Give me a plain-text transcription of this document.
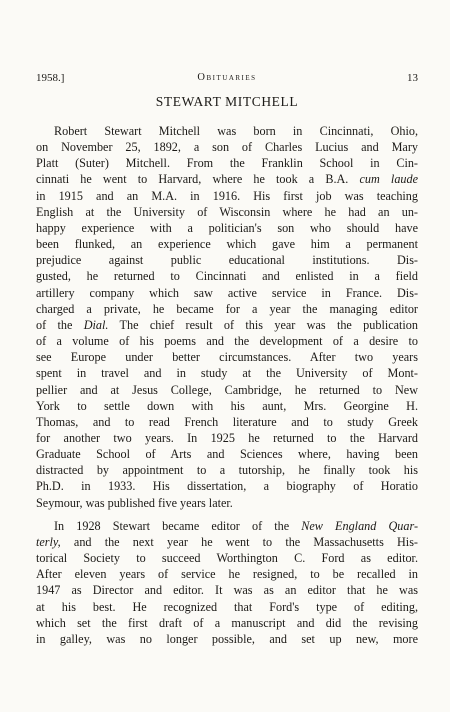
1958.]	Obituaries	13
STEWART MITCHELL

Robert Stewart Mitchell was born in Cincinnati, Ohio,
on November 25, 1892, a son of Charles Lucius and Mary
Platt (Suter) Mitchell. From the Franklin School in Cin-
cinnati he went to Harvard, where he took a B.A. cum laude
in 1915 and an M.A. in 1916. His first job was teaching
English at the University of Wisconsin where he had an un-
happy experience with a politician's son who should have
been flunked, an experience which gave him a permanent
prejudice against public educational institutions. Dis-
gusted, he returned to Cincinnati and enlisted in a field
artillery company which saw active service in France. Dis-
charged a private, he became for a year the managing editor
of the Dial. The chief result of this year was the publication
of a volume of his poems and the development of a desire to
see Europe under better circumstances. After two years
spent in travel and in study at the University of Mont-
pellier and at Jesus College, Cambridge, he returned to New
York to settle down with his aunt, Mrs. Georgine H.
Thomas, and to read French literature and to study Greek
for another two years. In 1925 he returned to the Harvard
Graduate School of Arts and Sciences where, having been
distracted by appointment to a tutorship, he finally took his
Ph.D. in 1933. His dissertation, a biography of Horatio
Seymour, was published five years later.

In 1928 Stewart became editor of the New England Quar-
terly, and the next year he went to the Massachusetts His-
torical Society to succeed Worthington C. Ford as editor.
After eleven years of service he resigned, to be recalled in
1947 as Director and editor. It was as an editor that he was
at his best. He recognized that Ford's type of editing,
which set the first draft of a manuscript and did the revising
in galley, was no longer possible, and set up new, more
